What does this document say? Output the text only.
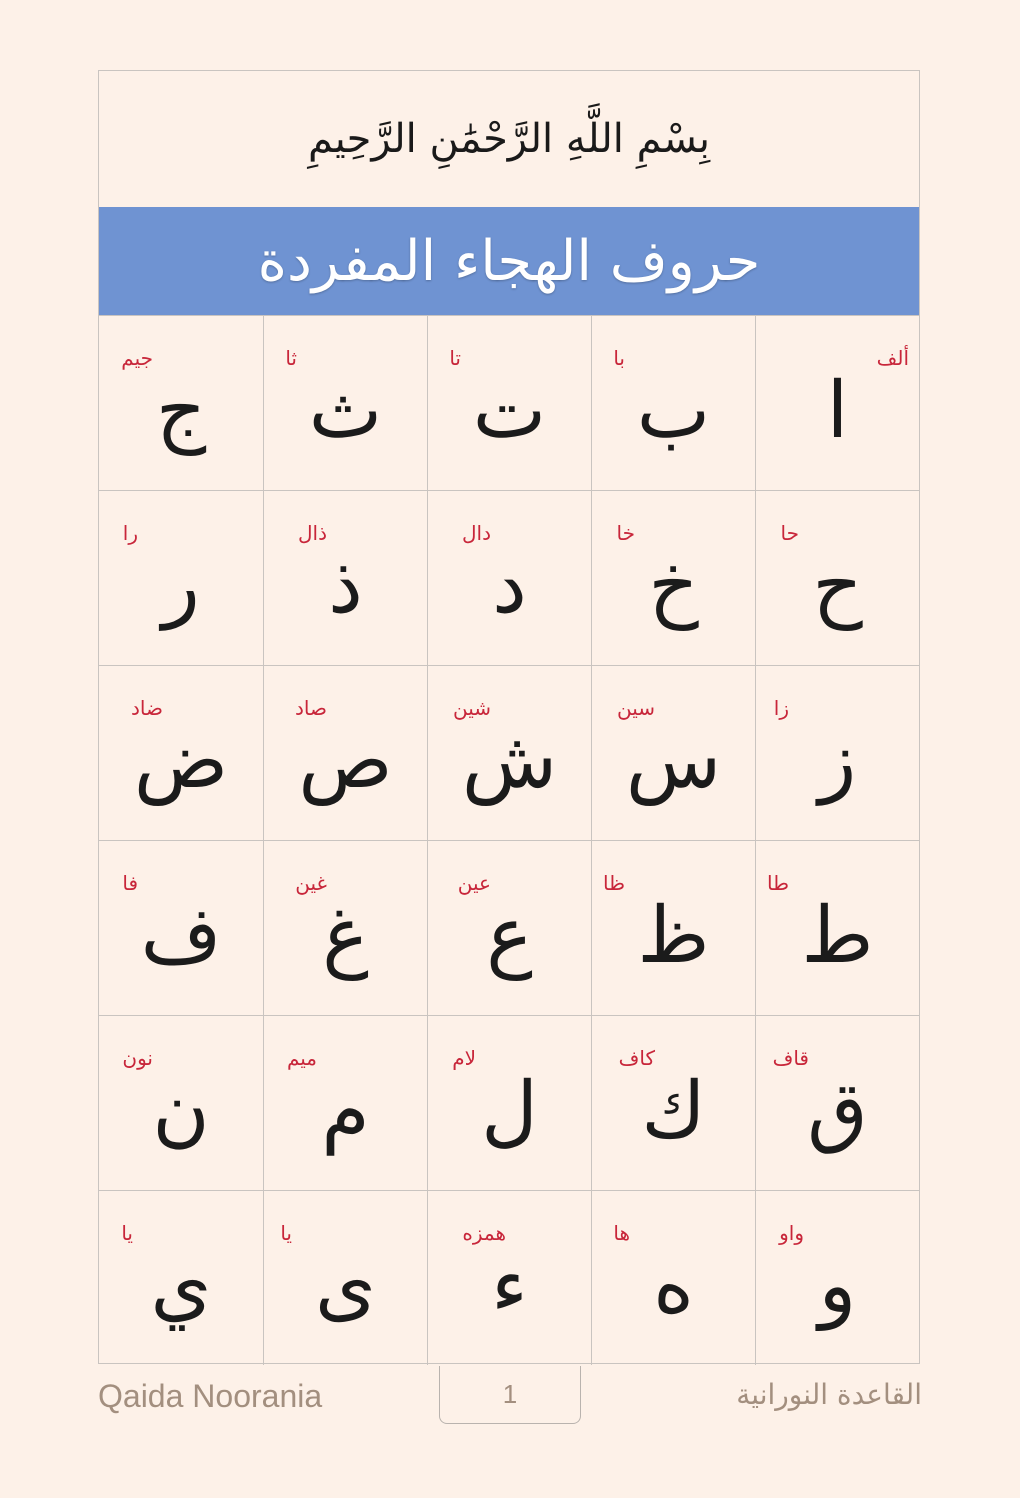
بِسْمِ اللَّهِ الرَّحْمَٰنِ الرَّحِيمِ
حروف الهجاء المفردة
ألف
ا
با
ب
تا
ت
ثا
ث
جيم
ج
حا
ح
خا
خ
دال
د
ذال
ذ
را
ر
زا
ز
سين
س
شين
ش
صاد
ص
ضاد
ض
طا
ط
ظا
ظ
عين
ع
غين
غ
فا
ف
قاف
ق
كاف
ك
لام
ل
ميم
م
نون
ن
واو
و
ها
ه
همزه
ء
يا
ى
يا
ي
Qaida Noorania	1	القاعدة النورانية
